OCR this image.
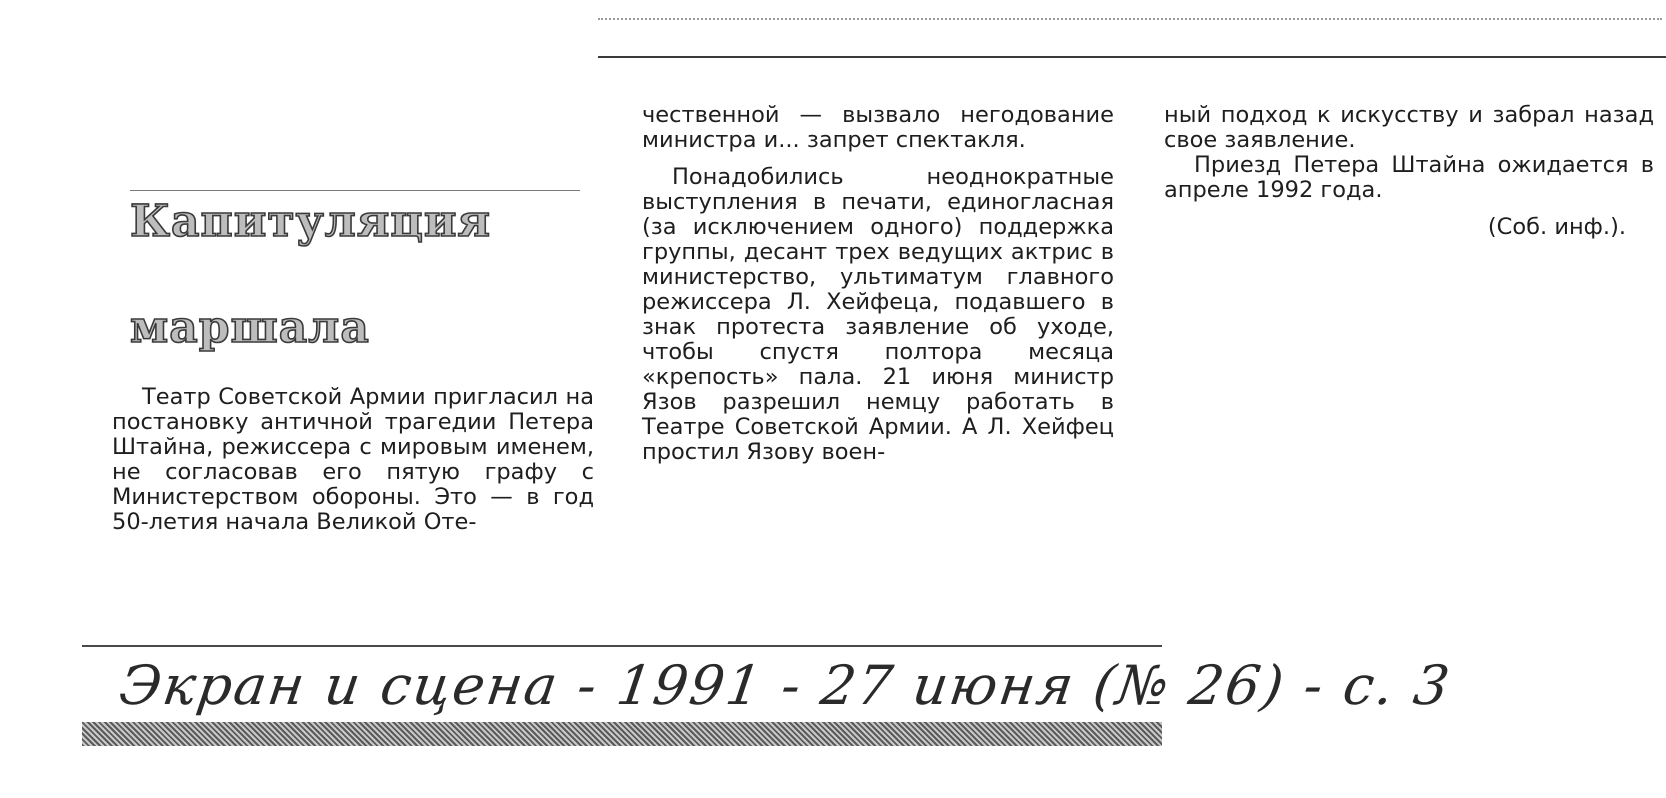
Капитуляция
маршала

Театр Советской Армии пригласил на постановку античной трагедии Петера Штайна, режиссера с мировым именем, не согласовав его пятую графу с Министерством обороны. Это — в год 50-летия начала Великой Оте-

чественной — вызвало негодование министра и... запрет спектакля.

Понадобились неоднократные выступления в печати, единогласная (за исключением одного) поддержка группы, десант трех ведущих актрис в министерство, ультиматум главного режиссера Л. Хейфеца, подавшего в знак протеста заявление об уходе, чтобы спустя полтора месяца «крепость» пала. 21 июня министр Язов разрешил немцу работать в Театре Советской Армии. А Л. Хейфец простил Язову воен-

ный подход к искусству и забрал назад свое заявление.

Приезд Петера Штайна ожидается в апреле 1992 года.

(Соб. инф.).
Экран и сцена - 1991 - 27 июня (№ 26) - с. 3
